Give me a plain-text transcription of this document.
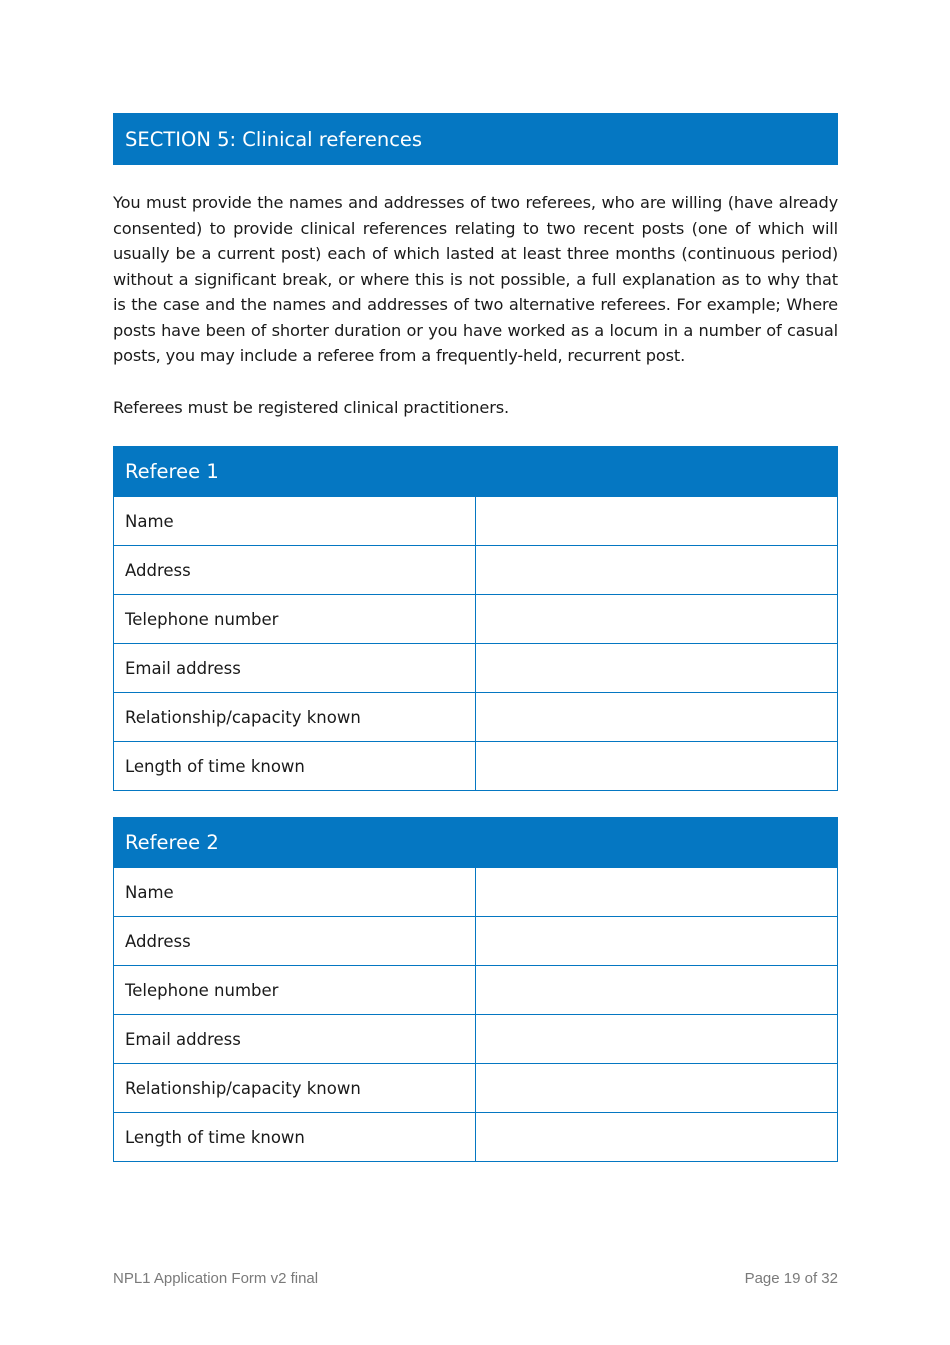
SECTION 5: Clinical references

You must provide the names and addresses of two referees, who are willing (have already consented) to provide clinical references relating to two recent posts (one of which will usually be a current post) each of which lasted at least three months (continuous period) without a significant break, or where this is not possible, a full explanation as to why that is the case and the names and addresses of two alternative referees. For example; Where posts have been of shorter duration or you have worked as a locum in a number of casual posts, you may include a referee from a frequently-held, recurrent post.

Referees must be registered clinical practitioners.

Referee 1	
Name	
Address	
Telephone number	
Email address	
Relationship/capacity known	
Length of time known	
Referee 2	
Name	
Address	
Telephone number	
Email address	
Relationship/capacity known	
Length of time known	
NPL1 Application Form v2 final	Page 19 of 32
